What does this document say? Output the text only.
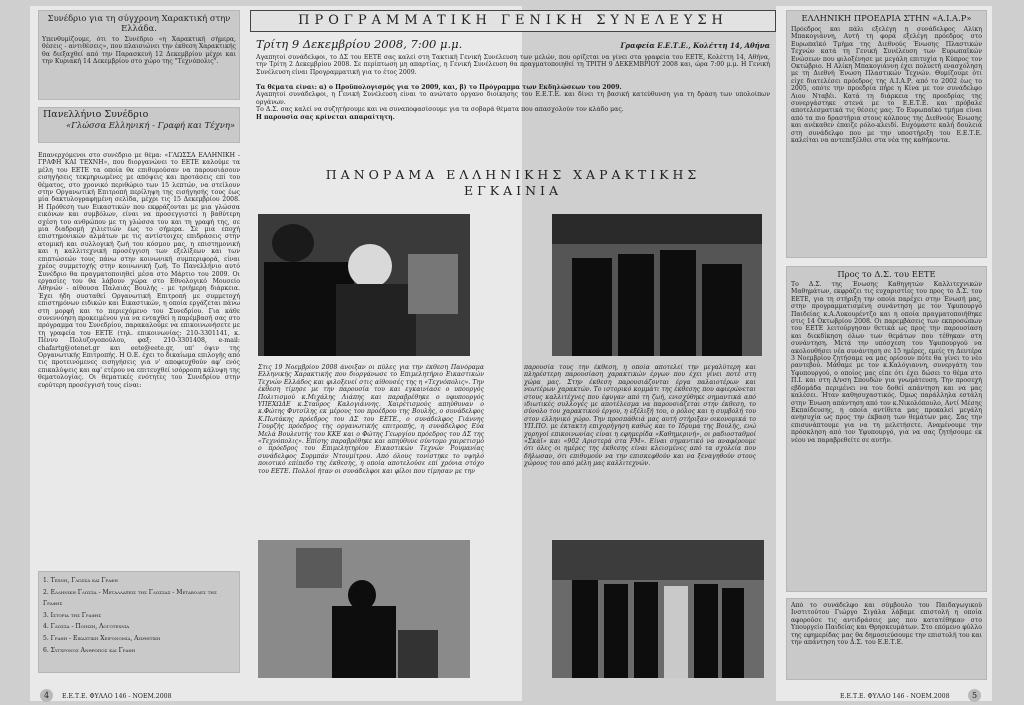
Συνέδριο για τη σύγχρονη Χαρακτική στην Ελλάδα.

Υπενθυμίζουμε, ότι το Συνέδριο «η Χαρακτική σήμερα, θέσεις - αντιθέσεις», που πλαισιώνει την έκθεση Χαρακτικής θα διεξαχθεί από την Παρασκευή 12 Δεκεμβρίου μέχρι και την Κυριακή 14 Δεκεμβρίου στο χώρο της "Τεχνόπολις".

Πανελλήνιο Συνέδριο

«Γλώσσα Ελληνική - Γραφή και Τέχνη»

Επανερχόμενοι στο συνέδριο με θέμα: «ΓΛΩΣΣΑ ΕΛΛΗΝΙΚΗ - ΓΡΑΦΗ ΚΑΙ ΤΕΧΝΗ», που διοργανώνει το ΕΕΤΕ καλούμε τα μέλη του ΕΕΤΕ τα οποία θα επιθυμούσαν να παρουσιάσουν εισηγήσεις τεκμηριωμένες με απόψεις και προτάσεις επί του θέματος, στο χρονικό περιθώριο των 15 λεπτών, να στείλουν στην Οργανωτική Επιτροπή περίληψη της εισήγησής τους έως μία δακτυλογραφημένη σελίδα, μέχρι τις 15 Δεκεμβρίου 2008. Η Πρόθεση των Εικαστικών που εκφράζονται με μια γλώσσα εικόνων και συμβόλων, είναι να προσεγγιστεί η βαθύτερη σχέση του ανθρώπου με τη γλώσσα του και τη γραφή της, σε μια διαδρομή χιλιετιών έως το σήμερα. Σε μια εποχή επιστημονικών αλμάτων με τις αντίστοιχες επιδράσεις στην ατομική και συλλογική ζωή του κόσμου μας, η επιστημονική και η καλλιτεχνική προσέγγιση των εξελίξεων και των επιπτώσεών τους πάνω στην κοινωνική συμπεριφορά, είναι χρέος συμμετοχής στην κοινωνική ζωή. Το Πανελλήνιο αυτό Συνέδριο θα πραγματοποιηθεί μέσα στο Μάρτιο του 2009. Οι εργασίες του θα λάβουν χώρα στο Εθνολογικό Μουσείο Αθηνών - αίθουσα Παλαιάς Βουλής - με τριήμερη διάρκεια. Έχει ήδη συσταθεί Οργανωτική Επιτροπή με συμμετοχή επιστημόνων ειδικών και Εικαστικών, η οποία εργάζεται πάνω στη μορφή και το περιεχόμενο του Συνεδρίου. Για κάθε συνεννόηση προκειμένου για να ενταχθεί η παρέμβασή σας στο πρόγραμμα του Συνεδρίου, παρακαλούμε να επικοινωνήσετε με τη γραφεία του ΕΕΤΕ (τηλ. επικοινωνίας: 210-3301141, κ. Πέννυ Πολυζογοπούλου, φαξ: 210-3301408, e-mail: chafartg@otenet.gr και eete@eete.gr, υπ' όψιν της Οργανωτικής Επιτροπής. Η Ο.Ε. έχει το δικαίωμα επιλογής από τις προτεινόμενες εισηγήσεις για ν' αποφευχθούν αφ' ενός επικαλύψεις και αφ' ετέρου να επιτευχθεί ισόρροπη κάλυψη της θεματολογίας. Οι θεματικές ενότητες του Συνεδρίου στην ευρύτερη προσέγγισή τους είναι:

1. Τεχνη, Γλωσσα και Γραφη
2. Ελληνικη Γλωσσα - Μεταλλαξεις της Γλωσσας - Μεταβολες της Γραφης
3. Ιστορια της Γραφης
4. Γλωσσα - Ποιηση, Λογοτεχνια
5. Γραφη - Εικαστικη Χειρονομια, Αισθητικη
6. Συγχρονος Ανθρωπος και Γραφη

ΠΡΟΓΡΑΜΜΑΤΙΚΗ ΓΕΝΙΚΗ ΣΥΝΕΛΕΥΣΗ

Τρίτη 9 Δεκεμβρίου 2008, 7:00 μ.μ.	Γραφεία Ε.Ε.Τ.Ε., Κολέττη 14, Αθήνα

Αγαπητοί συνάδελφοι, το ΔΣ του ΕΕΤΕ σας καλεί στη Τακτική Γενική Συνέλευση των μελών, που ορίζεται να γίνει στα γραφεία του ΕΕΤΕ, Κολέττη 14, Αθήνα, την Τρίτη 2 Δεκεμβρίου 2008. Σε περίπτωση μη απαρτίας, η Γενική Συνέλευση θα πραγματοποιηθεί τη ΤΡΙΤΗ 9 ΔΕΚΕΜΒΡΙΟΥ 2008 και, ώρα 7:00 μ.μ. Η Γενική Συνέλευση είναι Προγραμματική για το έτος 2009.

Τα θέματα είναι: α) ο Προϋπολογισμός για το 2009, και, β) το Πρόγραμμα των Εκδηλώσεων του 2009.

Αγαπητοί συνάδελφοι, η Γενική Συνέλευση είναι το ανώτατο όργανο διοίκησης του Ε.Ε.Τ.Ε. και δίνει τη βασική κατεύθυνση για τη δράση των υπολοίπων οργάνων.

Το Δ.Σ. σας καλεί να συζητήσουμε και να συναποφασίσουμε για τα σοβαρά θέματα που απασχολούν τον κλάδο μας.

Η παρουσία σας κρίνεται απαραίτητη.

ΠΑΝΟΡΑΜΑ ΕΛΛΗΝΙΚΗΣ ΧΑΡΑΚΤΙΚΗΣ

ΕΓΚΑΙΝΙΑ

Στις 19 Νοεμβρίου 2008 άνοιξαν οι πύλες για την έκθεση Πανόραμα Ελληνικής Χαρακτικής που διοργάνωσε το Επιμελητήριο Εικαστικών Τεχνών Ελλάδος και φιλοξενεί στις αίθουσές της η «Τεχνόπολις». Την έκθεση τίμησε με την παρουσία του και εγκαινίασε ο υπουργός Πολιτισμού κ.Μιχάλης Λιάπης και παραβρέθηκε ο υφυπουργός ΥΠΕΧΩΔΕ κ.Σταύρος Καλογιάννης. Χαιρέτισμούς απηύθυναν ο κ.Φώτης Φυτσίλης εκ μέρους του προέδρου της Βουλής, ο συνάδελφος Κ.Πωτάκης πρόεδρος του ΔΣ του ΕΕΤΕ., ο συνάδελφος Γιάννης Γουρζής πρόεδρος της οργανωτικής επιτροπής, η συνάδελφος Εύα Μελά Βουλευτής του ΚΚΕ και ο Φώτης Γεωργίου πρόεδρος του ΔΣ της «Τεχνόπολις». Επίσης παραβρέθηκε και απηύθυνε σύντομο χαιρετισμό ο πρόεδρος του Επιμελητηρίου Εικαστικών Τεχνών Ρουμανίας συνάδελφος Συρμπάν Ντουμίτρου. Από όλους τονίστηκε το υψηλό ποιοτικό επίπεδο της έκθεσης, η οποία αποτελούσε επί χρόνια στόχο του ΕΕΤΕ. Πολλοί ήταν οι συνάδελφοι και φίλοι που τίμησαν με την

παρουσία τους την έκθεση, η οποία αποτελεί την μεγαλύτερη και πληρέστερη παρουσίαση χαρακτικών έργων που έχει γίνει ποτέ στη χώρα μας. Στην έκθεση παρουσιάζονται έργα παλαιοτέρων και νεωτέρων χαρακτών. Το ιστορικό κομμάτι της έκθεσης που αφιερώνεται στους καλλιτέχνες που έφυγαν από τη ζωή, ενισχύθηκε σημαντικά από ιδιωτικές συλλογές με αποτέλεσμα να παρουσιάζεται στην έκθεση, το σύνολο του χαρακτικού έργου, η εξέλιξή του, ο ρόλος και η συμβολή του στον ελληνικό χώρο. Την προσπάθειά μας αυτή στήριξαν οικονομικά το ΥΠ.ΠΟ. με έκτακτη επιχορήγηση καθώς και το Ίδρυμα της Βουλής, ενώ χορηγοί επικοινωνίας είναι η εφημερίδα «Καθημερινή», οι ραδιοσταθμοί «Σκάϊ» και «902 Αριστερά στα FM». Είναι σημαντικό να αναφέρουμε ότι όλες οι ημέρες της έκθεσης είναι κλεισμένες από τα σχολεία που δήλωσαν, ότι επιθυμούν να την επισκεφθούν και να ξεναγηθούν στους χώρους του από μέλη μας καλλιτεχνών.

4	Ε.Ε.Τ.Ε. ΦΥΛΛΟ 146 - ΝΟΕΜ.2008

ΕΛΛΗΝΙΚΗ ΠΡΟΕΔΡΙΑ ΣΤΗΝ «Α.Ι.Α.Ρ»

Πρόεδρος και πάλι εξελέγη η συνάδελφος Αλίκη Μπακογιάννη, Αυτή τη φορά εξελέγη πρόεδρος στο Ευρωπαϊκό Τμήμα της Διεθνούς Ένωσης Πλαστικών Τεχνών κατά τη Γενική Συνέλευση των Ευρωπαϊκών Ενώσεων που φιλοξένησε με μεγάλη επιτυχία η Κύπρος τον Οκτώβριο. Η Αλίκη Μπακογιάννη έχει πολυετή ενασχόληση με τη Διεθνή Ένωση Πλαστικών Τεχνών. Θυμίζουμε ότι είχε διατελέσει πρόεδρος της Α.Ι.Α.Ρ. από το 2002 έως το 2005, οπότε την προεδρία πήρε η Κίνα με τον συνάδελφο Λιου Νταβέι. Κατά τη διάρκεια της προεδρίας της συνεργάστηκε στενά με το Ε.Ε.Τ.Ε. και πρόβαλε αποτελεσματικά τις θέσεις μας. Το Ευρωπαϊκό τμήμα είναι από τα πιο δραστήρια στους κόλπους της Διεθνούς Ένωσης και ανέκαθεν έπαιζε ρόλο-κλειδί. Ευχόμαστε καλή δουλειά στη συνάδελφο που με την υποστήριξη του Ε.Ε.Τ.Ε. καλείται να αντεπεξέλθει στα νέα της καθήκοντα.

Προς το Δ.Σ. του ΕΕΤΕ

Το Δ.Σ. της Ένωσης Καθηγητών Καλλιτεχνικών Μαθημάτων, εκφράζει τις ευχαριστίες του προς το Δ.Σ. του ΕΕΤΕ, για τη στήριξη την οποία παρέχει στην Ένωσή μας, στην προγραμματισμένη συνάντηση με τον Υφυπουργό Παιδείας κ.Α.Λυκουρέντζο και η οποία πραγματοποιήθηκε στις 14 Οκτωβρίου 2008. Οι παρεμβάσεις των εκπροσώπων του ΕΕΤΕ λειτούργησαν θετικά ως προς την παρουσίαση και διεκδίκηση όλων των θεμάτων που τέθηκαν στη συνάντηση. Μετά την υπόσχεση του Υφυπουργού να ακολουθήσει νέα συνάντηση σε 15 ημέρες, εμείς τη Δευτέρα 3 Νοεμβρίου ζητήσαμε να μας ορίσουν πότε θα γίνει το νέο ραντεβού. Μάθαμε με τον κ.Καλόγιαννη, συνεργάτη του Υφυπουργού, ο οποίος μας είπε ότι έχει δώσει το θέμα στο Π.Ι. και στη Δ/νση Σπουδών για γνωμάτευση. Την προσεχή εβδομάδα περιμένει να του δοθεί απάντηση και να μας καλέσει. Ήταν καθησυχαστικός. Όμως παράλληλα εστάλη στην Ένωση απάντηση από τον κ.Νικολόπουλο, Αντί Μέσης Εκπαίδευσης, η οποία αντίθετα μας προκαλεί μεγάλη ανησυχία ως προς την έκβαση των θεμάτων μας. Σας την επισυνάπτουμε για να τη μελετήσετε. Αναμένουμε την πρόσκληση από τον Υφυπουργό, για να σας ζητήσουμε εκ νέου να παραβρεθείτε σε αυτήν.

Από το συνάδελφο και σύμβουλο του Παιδαγωγικού Ινστιτούτου Γιώργο Σιγάλα λάβαμε επιστολή η οποία αφορούσε τις αντιδράσεις μας που κατατέθηκαν στο Υπουργείο Παιδείας και Θρησκευμάτων. Στο επόμενο φύλλο της εφημερίδας μας θα δημοσιεύσουμε την επιστολή του και την απάντηση του Δ.Σ. του Ε.Ε.Τ.Ε.

Ε.Ε.Τ.Ε. ΦΥΛΛΟ 146 - ΝΟΕΜ.2008	5
